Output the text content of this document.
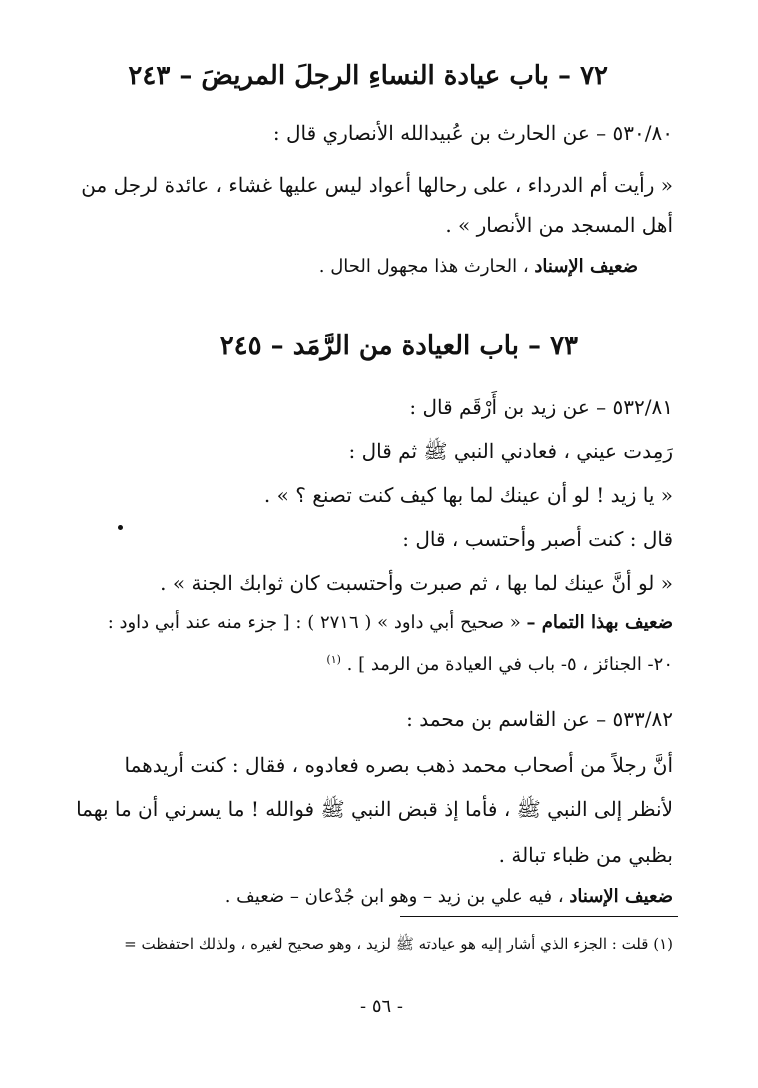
٧٢ – باب عيادة النساءِ الرجلَ المريضَ – ٢٤٣
٥٣٠/٨٠ – عن الحارث بن عُبيدالله الأنصاري قال :
« رأيت أم الدرداء ، على رحالها أعواد ليس عليها غشاء ، عائدة لرجل من
أهل المسجد من الأنصار » .
ضعيف الإسناد ، الحارث هذا مجهول الحال .
٧٣ – باب العيادة من الرَّمَد – ٢٤٥
٥٣٢/٨١ – عن زيد بن أَرْقَم قال :
رَمِدت عيني ، فعادني النبي ﷺ ثم قال :
« يا زيد ! لو أن عينك لما بها كيف كنت تصنع ؟ » .
قال : كنت أصبر وأحتسب ، قال :
« لو أنَّ عينك لما بها ، ثم صبرت وأحتسبت كان ثوابك الجنة » .
ضعيف بهذا التمام – « صحيح أبي داود » ( ٢٧١٦ ) : [ جزء منه عند أبي داود :
٢٠- الجنائز ، ٥- باب في العيادة من الرمد ] . $^{(١)}$
٥٣٣/٨٢ – عن القاسم بن محمد :
أنَّ رجلاً من أصحاب محمد ذهب بصره فعادوه ، فقال : كنت أريدهما
لأنظر إلى النبي ﷺ ، فأما إذ قبض النبي ﷺ فوالله ! ما يسرني أن ما بهما
بظبي من ظباء تبالة .
ضعيف الإسناد ، فيه علي بن زيد – وهو ابن جُدْعان – ضعيف .
(١) قلت : الجزء الذي أشار إليه هو عيادته ﷺ لزيد ، وهو صحيح لغيره ، ولذلك احتفظت =
- ٥٦ -
